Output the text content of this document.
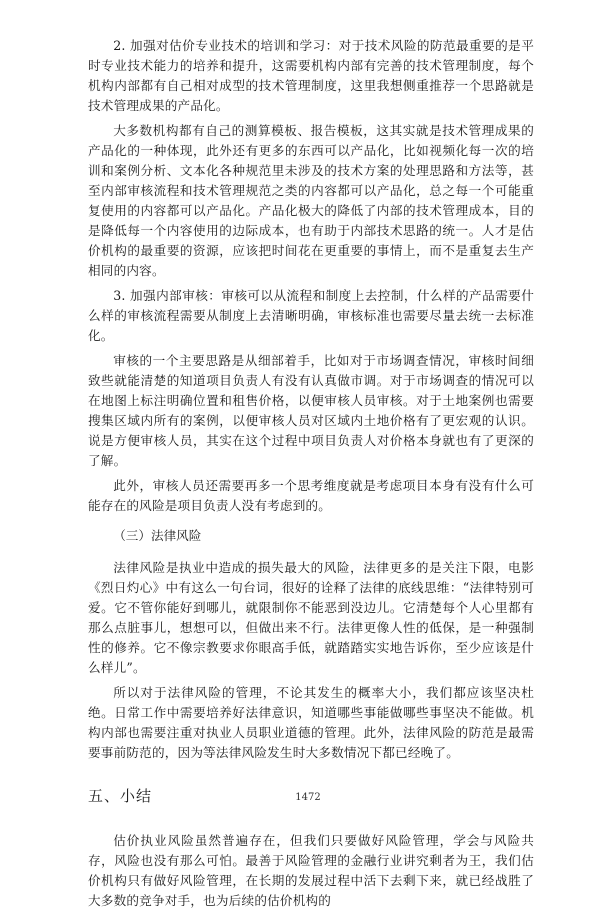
2. 加强对估价专业技术的培训和学习：对于技术风险的防范最重要的是平时专业技术能力的培养和提升，这需要机构内部有完善的技术管理制度，每个机构内部都有自己相对成型的技术管理制度，这里我想侧重推荐一个思路就是技术管理成果的产品化。

大多数机构都有自己的测算模板、报告模板，这其实就是技术管理成果的产品化的一种体现，此外还有更多的东西可以产品化，比如视频化每一次的培训和案例分析、文本化各种规范里未涉及的技术方案的处理思路和方法等，甚至内部审核流程和技术管理规范之类的内容都可以产品化，总之每一个可能重复使用的内容都可以产品化。产品化极大的降低了内部的技术管理成本，目的是降低每一个内容使用的边际成本，也有助于内部技术思路的统一。人才是估价机构的最重要的资源，应该把时间花在更重要的事情上，而不是重复去生产相同的内容。

3. 加强内部审核：审核可以从流程和制度上去控制，什么样的产品需要什么样的审核流程需要从制度上去清晰明确，审核标准也需要尽量去统一去标准化。

审核的一个主要思路是从细部着手，比如对于市场调查情况，审核时间细致些就能清楚的知道项目负责人有没有认真做市调。对于市场调查的情况可以在地图上标注明确位置和租售价格，以便审核人员审核。对于土地案例也需要搜集区域内所有的案例，以便审核人员对区域内土地价格有了更宏观的认识。说是方便审核人员，其实在这个过程中项目负责人对价格本身就也有了更深的了解。

此外，审核人员还需要再多一个思考维度就是考虑项目本身有没有什么可能存在的风险是项目负责人没有考虑到的。

（三）法律风险

法律风险是执业中造成的损失最大的风险，法律更多的是关注下限，电影《烈日灼心》中有这么一句台词，很好的诠释了法律的底线思维：“法律特别可爱。它不管你能好到哪儿，就限制你不能恶到没边儿。它清楚每个人心里都有那么点脏事儿，想想可以，但做出来不行。法律更像人性的低保，是一种强制性的修养。它不像宗教要求你眼高手低，就踏踏实实地告诉你，至少应该是什么样儿”。

所以对于法律风险的管理，不论其发生的概率大小，我们都应该坚决杜绝。日常工作中需要培养好法律意识，知道哪些事能做哪些事坚决不能做。机构内部也需要注重对执业人员职业道德的管理。此外，法律风险的防范是最需要事前防范的，因为等法律风险发生时大多数情况下都已经晚了。

五、小结

估价执业风险虽然普遍存在，但我们只要做好风险管理，学会与风险共存，风险也没有那么可怕。最善于风险管理的金融行业讲究剩者为王，我们估价机构只有做好风险管理，在长期的发展过程中活下去剩下来，就已经战胜了大多数的竞争对手，也为后续的估价机构的

1472
